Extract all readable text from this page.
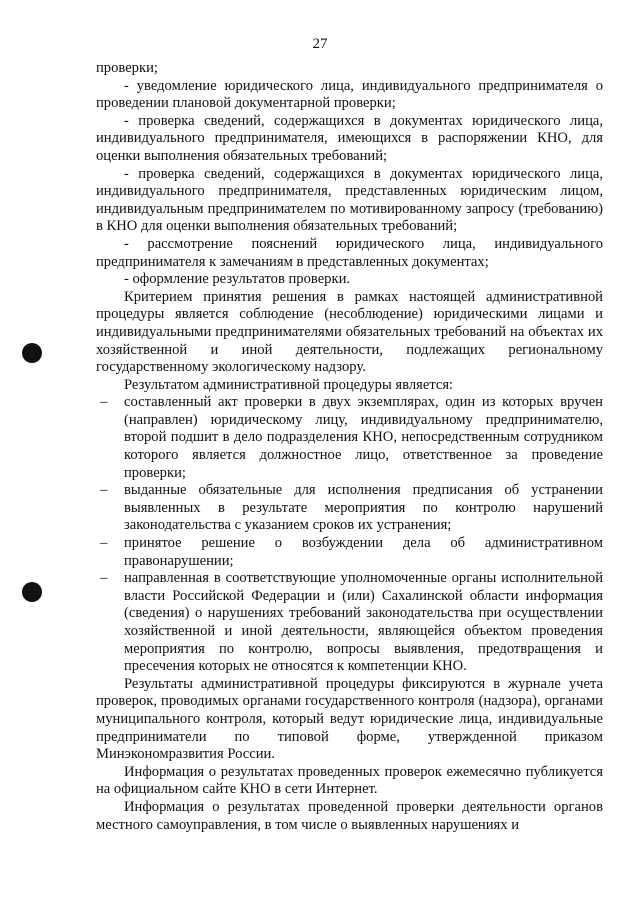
27

проверки;

- уведомление юридического лица, индивидуального предпринимателя о проведении плановой документарной проверки;

- проверка сведений, содержащихся в документах юридического лица, индивидуального предпринимателя, имеющихся в распоряжении КНО, для оценки выполнения обязательных требований;

- проверка сведений, содержащихся в документах юридического лица, индивидуального предпринимателя, представленных юридическим лицом, индивидуальным предпринимателем по мотивированному запросу (требованию) в КНО для оценки выполнения обязательных требований;

- рассмотрение пояснений юридического лица, индивидуального предпринимателя к замечаниям в представленных документах;

- оформление результатов проверки.

Критерием принятия решения в рамках настоящей административной процедуры является соблюдение (несоблюдение) юридическими лицами и индивидуальными предпринимателями обязательных требований на объектах их хозяйственной и иной деятельности, подлежащих региональному государственному экологическому надзору.

Результатом административной процедуры является:

– составленный акт проверки в двух экземплярах, один из которых вручен (направлен) юридическому лицу, индивидуальному предпринимателю, второй подшит в дело подразделения КНО, непосредственным сотрудником которого является должностное лицо, ответственное за проведение проверки;
– выданные обязательные для исполнения предписания об устранении выявленных в результате мероприятия по контролю нарушений законодательства с указанием сроков их устранения;
– принятое решение о возбуждении дела об административном правонарушении;
– направленная в соответствующие уполномоченные органы исполнительной власти Российской Федерации и (или) Сахалинской области информация (сведения) о нарушениях требований законодательства при осуществлении хозяйственной и иной деятельности, являющейся объектом проведения мероприятия по контролю, вопросы выявления, предотвращения и пресечения которых не относятся к компетенции КНО.

Результаты административной процедуры фиксируются в журнале учета проверок, проводимых органами государственного контроля (надзора), органами муниципального контроля, который ведут юридические лица, индивидуальные предприниматели по типовой форме, утвержденной приказом Минэкономразвития России.

Информация о результатах проведенных проверок ежемесячно публикуется на официальном сайте КНО в сети Интернет.

Информация о результатах проведенной проверки деятельности органов местного самоуправления, в том числе о выявленных нарушениях и
